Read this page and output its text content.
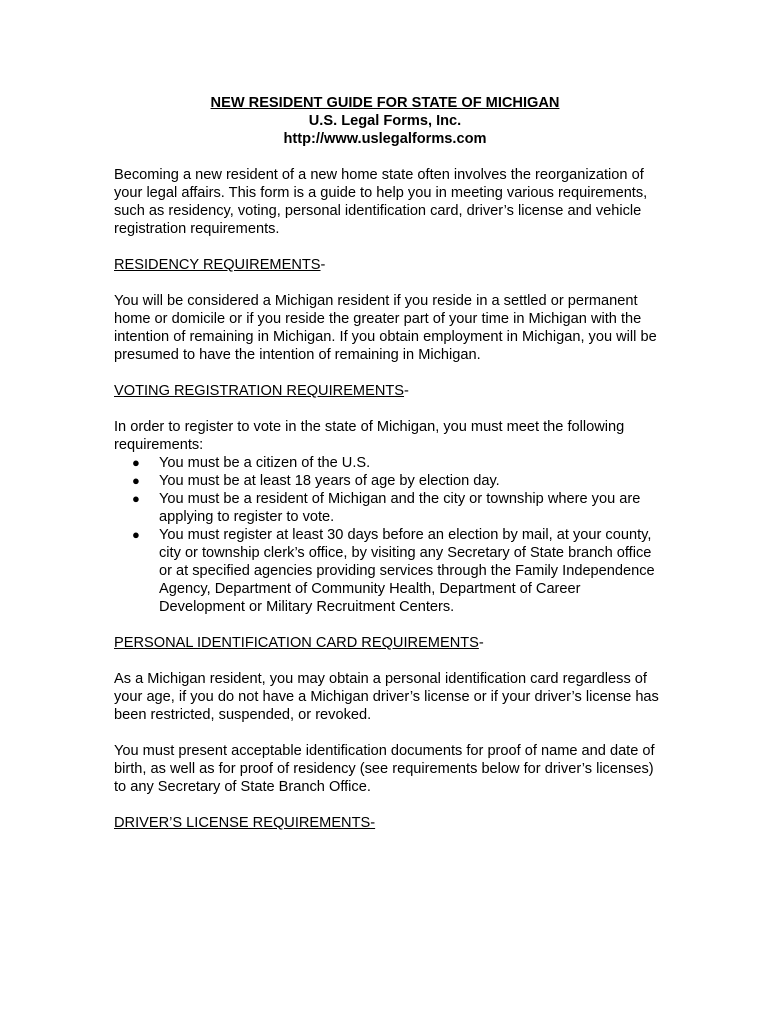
NEW RESIDENT GUIDE FOR STATE OF MICHIGAN
U.S. Legal Forms, Inc.
http://www.uslegalforms.com

Becoming a new resident of a new home state often involves the reorganization of your legal affairs. This form is a guide to help you in meeting various requirements, such as residency, voting, personal identification card, driver’s license and vehicle registration requirements.

RESIDENCY REQUIREMENTS-

You will be considered a Michigan resident if you reside in a settled or permanent home or domicile or if you reside the greater part of your time in Michigan with the intention of remaining in Michigan. If you obtain employment in Michigan, you will be presumed to have the intention of remaining in Michigan.

VOTING REGISTRATION REQUIREMENTS-

In order to register to vote in the state of Michigan, you must meet the following requirements:

● You must be a citizen of the U.S.
● You must be at least 18 years of age by election day.
● You must be a resident of Michigan and the city or township where you are applying to register to vote.
● You must register at least 30 days before an election by mail, at your county, city or township clerk’s office, by visiting any Secretary of State branch office or at specified agencies providing services through the Family Independence Agency, Department of Community Health, Department of Career Development or Military Recruitment Centers.

PERSONAL IDENTIFICATION CARD REQUIREMENTS-

As a Michigan resident, you may obtain a personal identification card regardless of your age, if you do not have a Michigan driver’s license or if your driver’s license has been restricted, suspended, or revoked.

You must present acceptable identification documents for proof of name and date of birth, as well as for proof of residency (see requirements below for driver’s licenses) to any Secretary of State Branch Office.

DRIVER’S LICENSE REQUIREMENTS-
